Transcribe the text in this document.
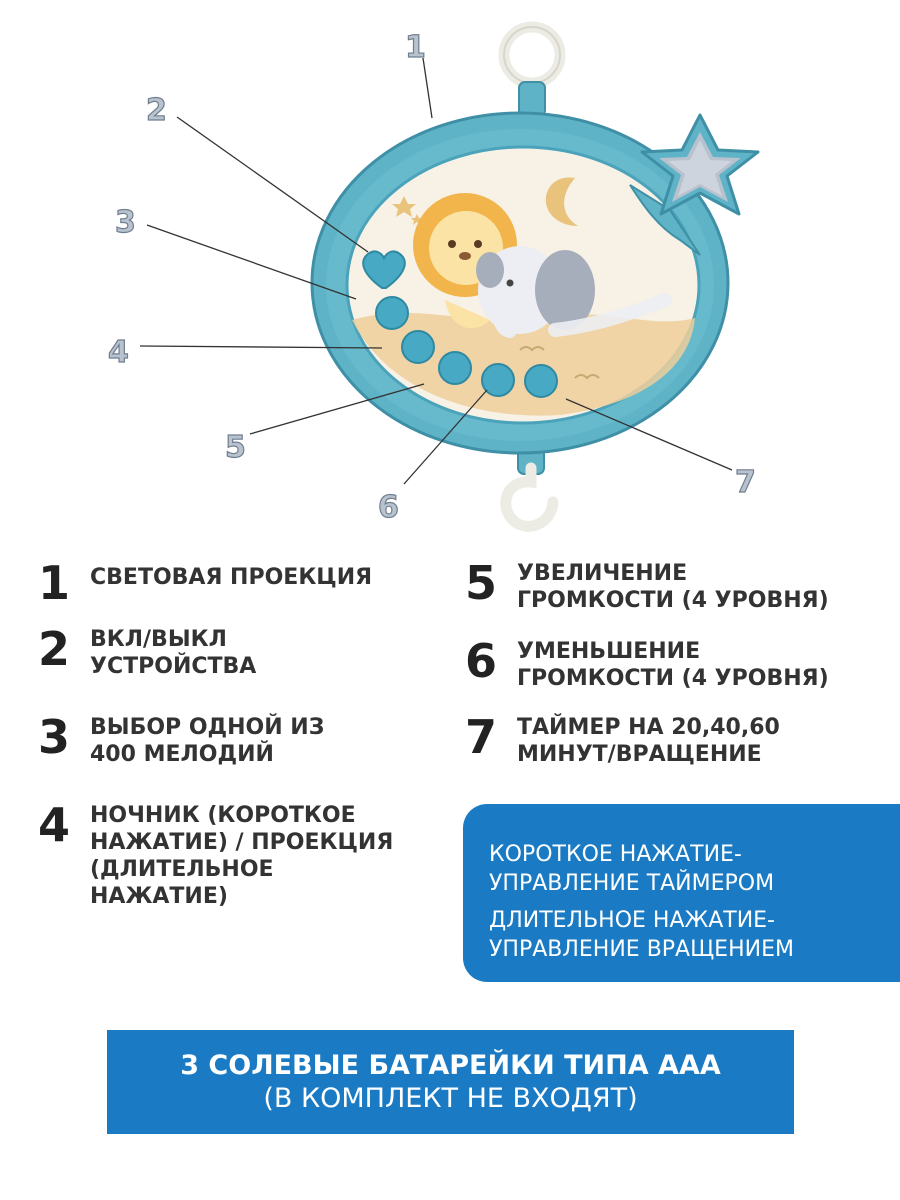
1
2
3
4
5
6
7
1 СВЕТОВАЯ ПРОЕКЦИЯ
2 ВКЛ/ВЫКЛ
УСТРОЙСТВА
3 ВЫБОР ОДНОЙ ИЗ
400 МЕЛОДИЙ
4 НОЧНИК (КОРОТКОЕ
НАЖАТИЕ) / ПРОЕКЦИЯ
(ДЛИТЕЛЬНОЕ
НАЖАТИЕ)
5 УВЕЛИЧЕНИЕ
ГРОМКОСТИ (4 УРОВНЯ)
6 УМЕНЬШЕНИЕ
ГРОМКОСТИ (4 УРОВНЯ)
7 ТАЙМЕР НА 20,40,60
МИНУТ/ВРАЩЕНИЕ
КОРОТКОЕ НАЖАТИЕ-
УПРАВЛЕНИЕ ТАЙМЕРОМ
ДЛИТЕЛЬНОЕ НАЖАТИЕ-
УПРАВЛЕНИЕ ВРАЩЕНИЕМ
3 СОЛЕВЫЕ БАТАРЕЙКИ ТИПА ААА
(В КОМПЛЕКТ НЕ ВХОДЯТ)
